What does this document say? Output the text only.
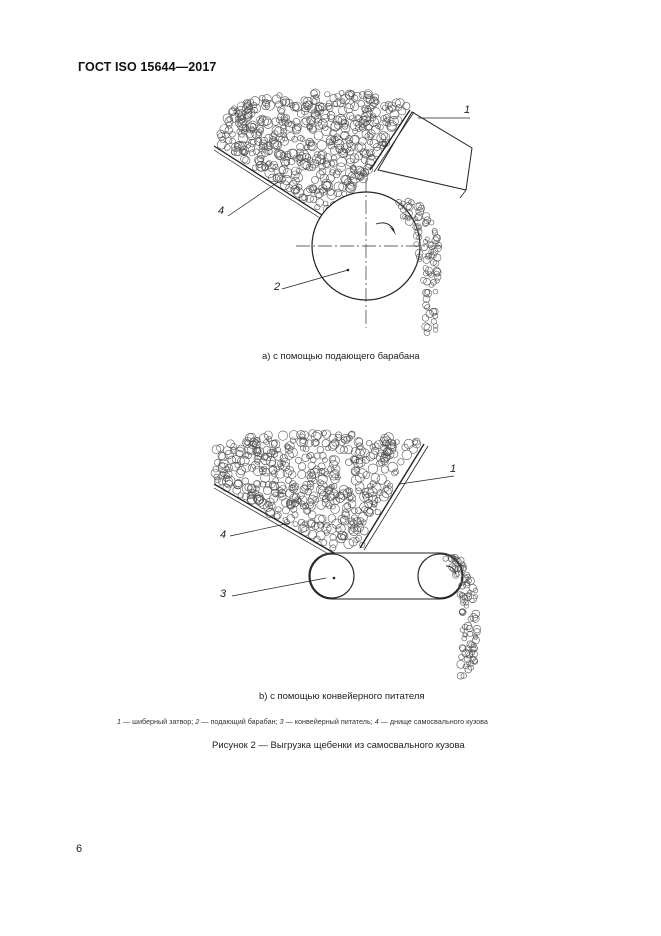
ГОСТ ISO 15644—2017
1
4
2
a) с помощью подающего барабана
1
4
3
b) с помощью конвейерного питателя
1 — шиберный затвор; 2 — подающий барабан; 3 — конвейерный питатель; 4 — днище самосвального кузова
Рисунок 2 — Выгрузка щебенки из самосвального кузова
6
